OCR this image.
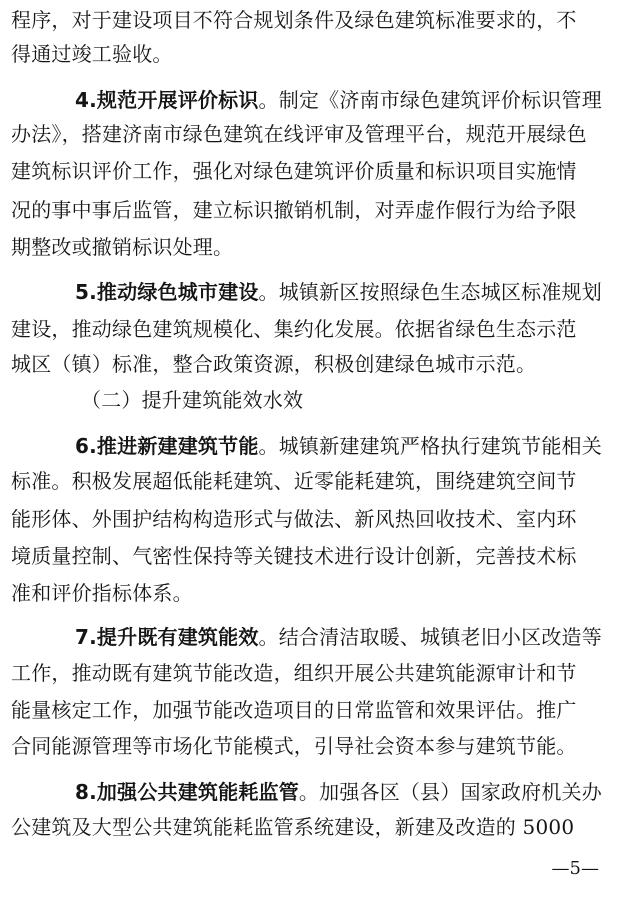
程序，对于建设项目不符合规划条件及绿色建筑标准要求的，不
得通过竣工验收。
4.规范开展评价标识。制定《济南市绿色建筑评价标识管理
办法》，搭建济南市绿色建筑在线评审及管理平台，规范开展绿色
建筑标识评价工作，强化对绿色建筑评价质量和标识项目实施情
况的事中事后监管，建立标识撤销机制，对弄虚作假行为给予限
期整改或撤销标识处理。
5.推动绿色城市建设。城镇新区按照绿色生态城区标准规划
建设，推动绿色建筑规模化、集约化发展。依据省绿色生态示范
城区（镇）标准，整合政策资源，积极创建绿色城市示范。
（二）提升建筑能效水效
6.推进新建建筑节能。城镇新建建筑严格执行建筑节能相关
标准。积极发展超低能耗建筑、近零能耗建筑，围绕建筑空间节
能形体、外围护结构构造形式与做法、新风热回收技术、室内环
境质量控制、气密性保持等关键技术进行设计创新，完善技术标
准和评价指标体系。
7.提升既有建筑能效。结合清洁取暖、城镇老旧小区改造等
工作，推动既有建筑节能改造，组织开展公共建筑能源审计和节
能量核定工作，加强节能改造项目的日常监管和效果评估。推广
合同能源管理等市场化节能模式，引导社会资本参与建筑节能。
8.加强公共建筑能耗监管。加强各区（县）国家政府机关办
公建筑及大型公共建筑能耗监管系统建设，新建及改造的 5000
—5—
